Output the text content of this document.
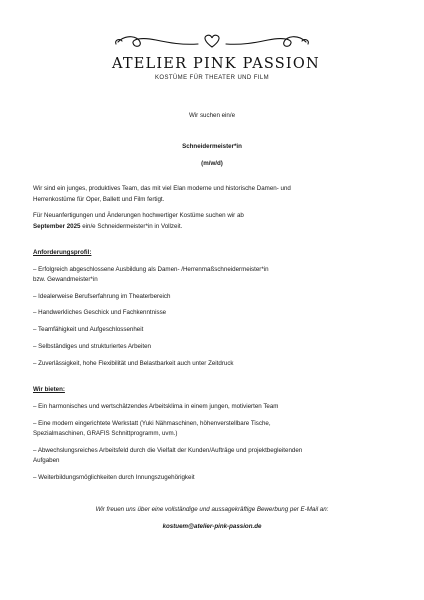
ATELIER PINK PASSION
KOSTÜME FÜR THEATER UND FILM
Wir suchen ein/e
Schneidermeister*in
(m/w/d)
Wir sind ein junges, produktives Team, das mit viel Elan moderne und historische Damen- und
Herrenkostüme für Oper, Ballett und Film fertigt.
Für Neuanfertigungen und Änderungen hochwertiger Kostüme suchen wir ab
September 2025 ein/e Schneidermeister*in in Vollzeit.
Anforderungsprofil:
– Erfolgreich abgeschlossene Ausbildung als Damen- /Herrenmaßschneidermeister*in
bzw. Gewandmeister*in
– Idealerweise Berufserfahrung im Theaterbereich
– Handwerkliches Geschick und Fachkenntnisse
– Teamfähigkeit und Aufgeschlossenheit
– Selbständiges und strukturiertes Arbeiten
– Zuverlässigkeit, hohe Flexibilität und Belastbarkeit auch unter Zeitdruck
Wir bieten:
– Ein harmonisches und wertschätzendes Arbeitsklima in einem jungen, motivierten Team
– Eine modern eingerichtete Werkstatt (Yuki Nähmaschinen, höhenverstellbare Tische,
Spezialmaschinen, GRAFIS Schnittprogramm, uvm.)
– Abwechslungsreiches Arbeitsfeld durch die Vielfalt der Kunden/Aufträge und projektbegleitenden
Aufgaben
– Weiterbildungsmöglichkeiten durch Innungszugehörigkeit
Wir freuen uns über eine vollständige und aussagekräftige Bewerbung per E-Mail an:
kostuem@atelier-pink-passion.de
